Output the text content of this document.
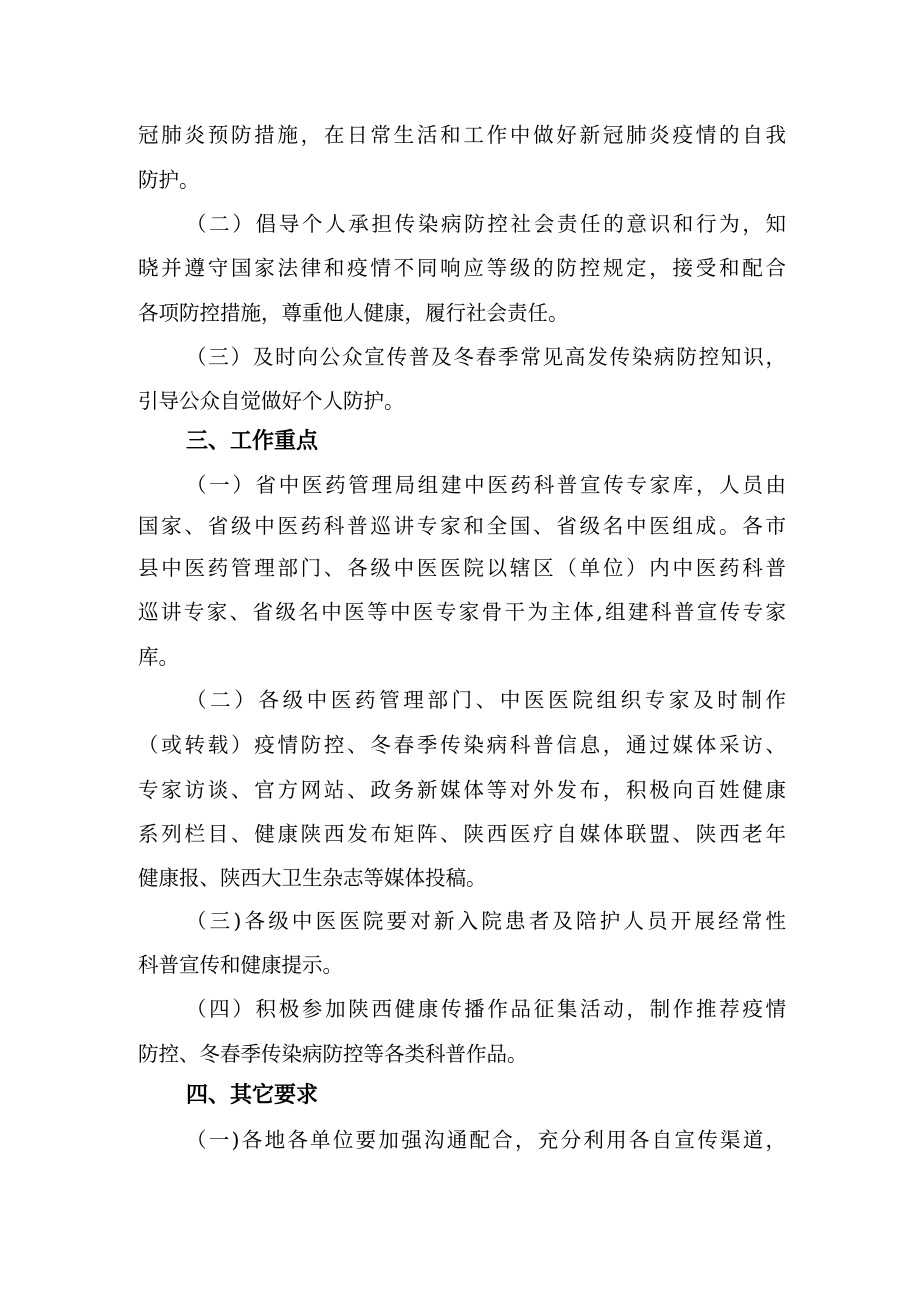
冠肺炎预防措施，在日常生活和工作中做好新冠肺炎疫情的自我
防护。
（二）倡导个人承担传染病防控社会责任的意识和行为，知
晓并遵守国家法律和疫情不同响应等级的防控规定，接受和配合
各项防控措施，尊重他人健康，履行社会责任。
（三）及时向公众宣传普及冬春季常见高发传染病防控知识，
引导公众自觉做好个人防护。
三、工作重点
（一）省中医药管理局组建中医药科普宣传专家库，人员由
国家、省级中医药科普巡讲专家和全国、省级名中医组成。各市
县中医药管理部门、各级中医医院以辖区（单位）内中医药科普
巡讲专家、省级名中医等中医专家骨干为主体,组建科普宣传专家
库。
（二）各级中医药管理部门、中医医院组织专家及时制作
（或转载）疫情防控、冬春季传染病科普信息，通过媒体采访、
专家访谈、官方网站、政务新媒体等对外发布，积极向百姓健康
系列栏目、健康陕西发布矩阵、陕西医疗自媒体联盟、陕西老年
健康报、陕西大卫生杂志等媒体投稿。
（三)各级中医医院要对新入院患者及陪护人员开展经常性
科普宣传和健康提示。
（四）积极参加陕西健康传播作品征集活动，制作推荐疫情
防控、冬春季传染病防控等各类科普作品。
四、其它要求
（一)各地各单位要加强沟通配合，充分利用各自宣传渠道，
